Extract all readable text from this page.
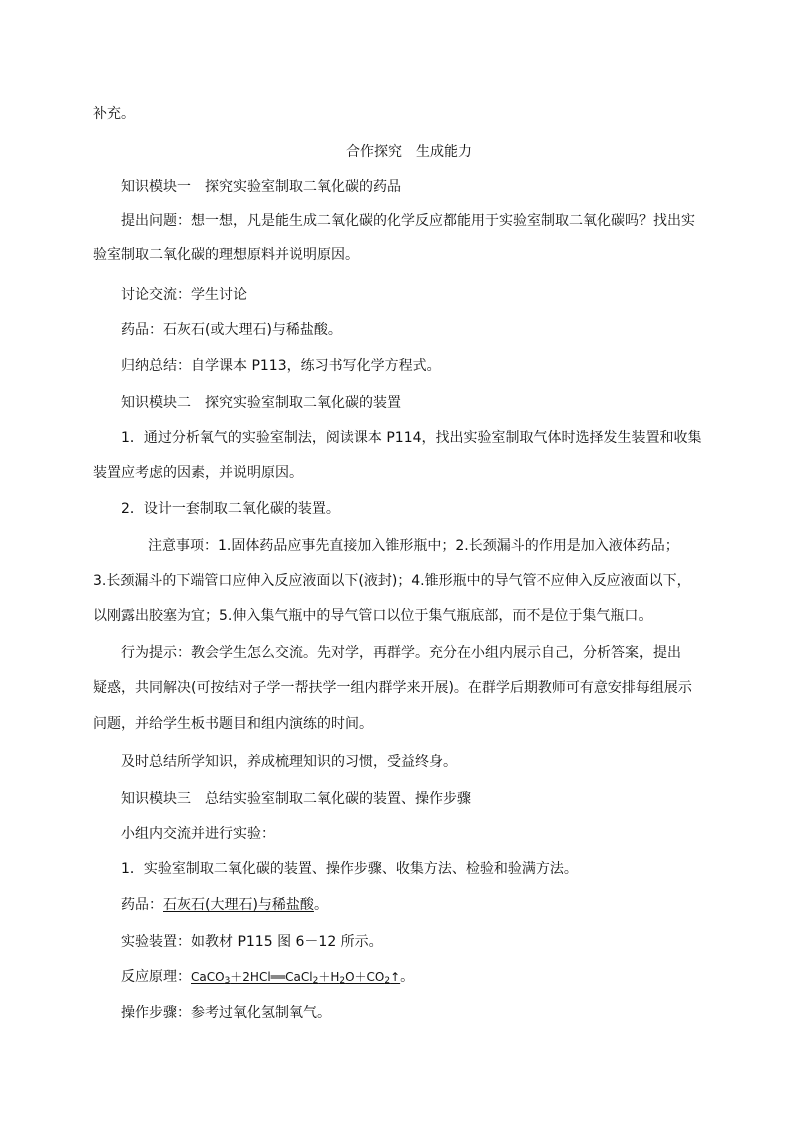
补充。

合作探究　生成能力

知识模块一　探究实验室制取二氧化碳的药品

提出问题：想一想，凡是能生成二氧化碳的化学反应都能用于实验室制取二氧化碳吗？找出实

验室制取二氧化碳的理想原料并说明原因。

讨论交流：学生讨论

药品：石灰石(或大理石)与稀盐酸。

归纳总结：自学课本 P113，练习书写化学方程式。

知识模块二　探究实验室制取二氧化碳的装置

1．通过分析氧气的实验室制法，阅读课本 P114，找出实验室制取气体时选择发生装置和收集

装置应考虑的因素，并说明原因。

2．设计一套制取二氧化碳的装置。

注意事项：1.固体药品应事先直接加入锥形瓶中；2.长颈漏斗的作用是加入液体药品；

3.长颈漏斗的下端管口应伸入反应液面以下(液封)；4.锥形瓶中的导气管不应伸入反应液面以下，

以刚露出胶塞为宜；5.伸入集气瓶中的导气管口以位于集气瓶底部，而不是位于集气瓶口。

行为提示：教会学生怎么交流。先对学，再群学。充分在小组内展示自己，分析答案，提出

疑惑，共同解决(可按结对子学一帮扶学一组内群学来开展)。在群学后期教师可有意安排每组展示

问题，并给学生板书题目和组内演练的时间。

及时总结所学知识，养成梳理知识的习惯，受益终身。

知识模块三　总结实验室制取二氧化碳的装置、操作步骤

小组内交流并进行实验：

1．实验室制取二氧化碳的装置、操作步骤、收集方法、检验和验满方法。

药品：石灰石(大理石)与稀盐酸。

实验装置：如教材 P115 图 6－12 所示。

反应原理：$CaCO_3+2HCl══CaCl_2+H_2O+CO_2↑$。

操作步骤：参考过氧化氢制氧气。
